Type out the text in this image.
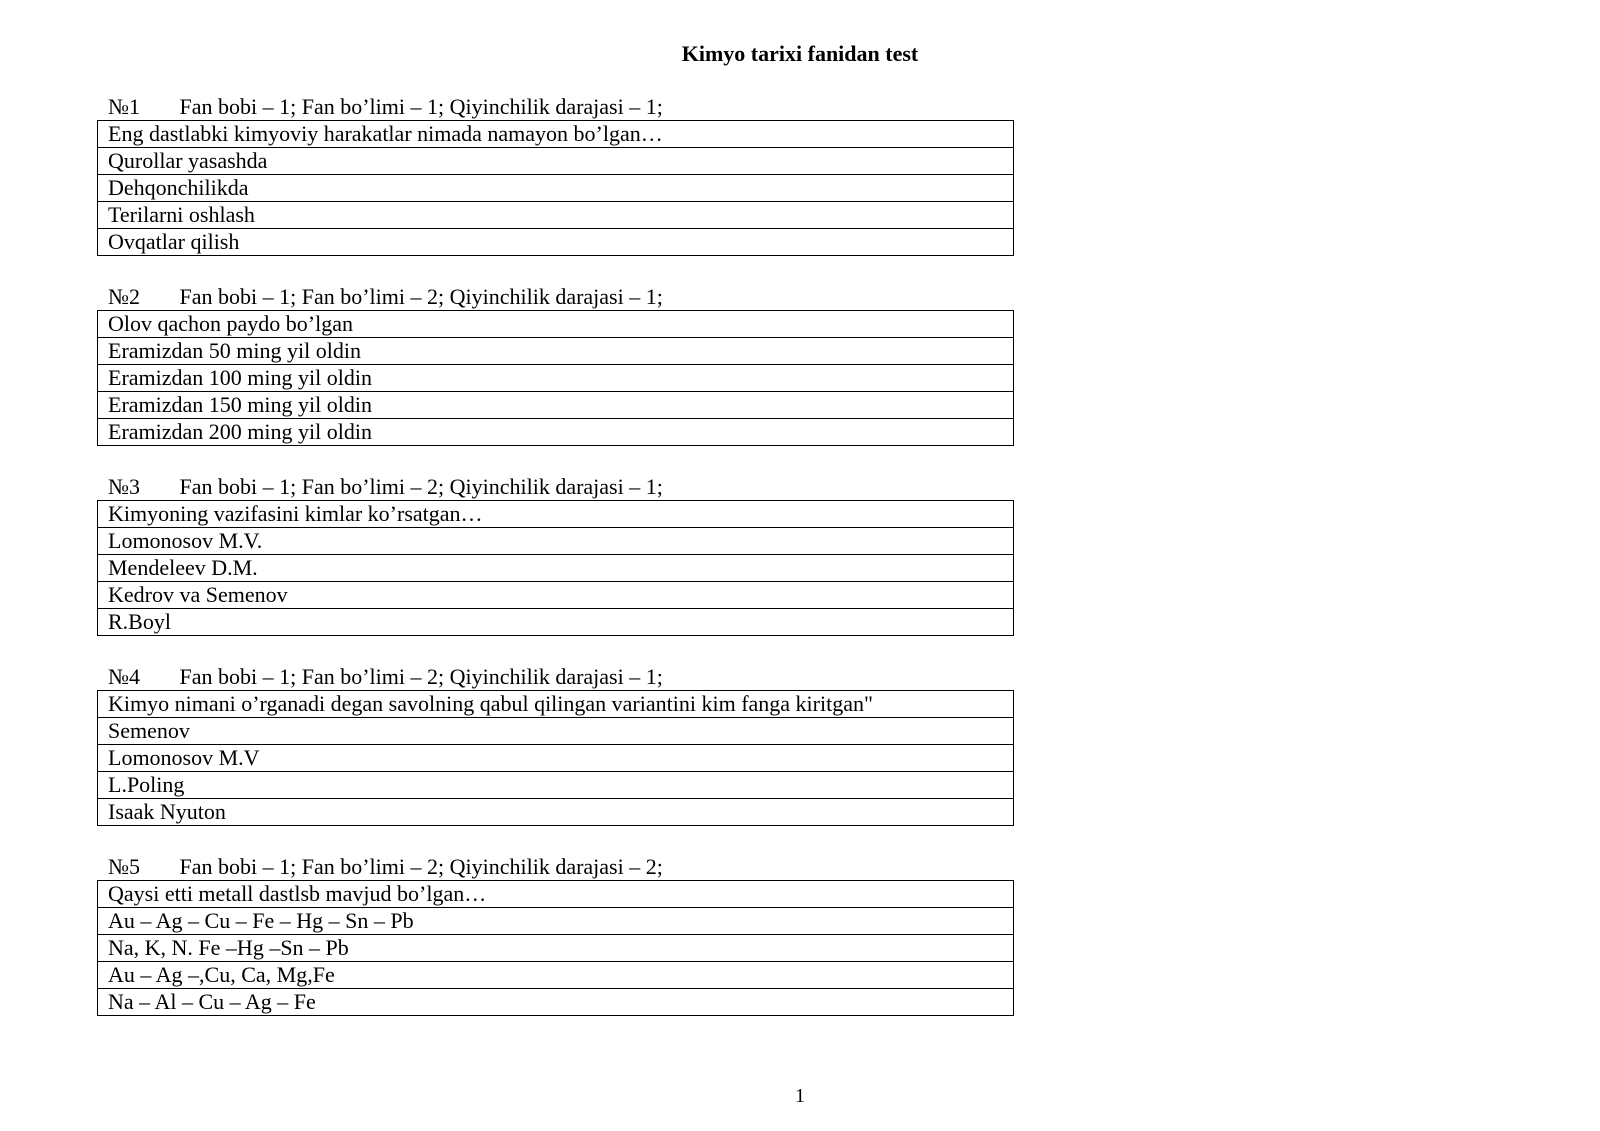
Kimyo tarixi fanidan test
№1 Fan bobi – 1; Fan bo’limi – 1; Qiyinchilik darajasi – 1;
Eng dastlabki kimyoviy harakatlar nimada namayon bo’lgan…
Qurollar yasashda
Dehqonchilikda
Terilarni oshlash
Ovqatlar qilish
№2 Fan bobi – 1; Fan bo’limi – 2; Qiyinchilik darajasi – 1;
Olov qachon paydo bo’lgan
Eramizdan 50 ming yil oldin
Eramizdan 100 ming yil oldin
Eramizdan 150 ming yil oldin
Eramizdan 200 ming yil oldin
№3 Fan bobi – 1; Fan bo’limi – 2; Qiyinchilik darajasi – 1;
Kimyoning vazifasini kimlar ko’rsatgan…
Lomonosov M.V.
Mendeleev D.M.
Kedrov va Semenov
R.Boyl
№4 Fan bobi – 1; Fan bo’limi – 2; Qiyinchilik darajasi – 1;
Kimyo nimani o’rganadi degan savolning qabul qilingan variantini kim fanga kiritgan"
Semenov
Lomonosov M.V
L.Poling
Isaak Nyuton
№5 Fan bobi – 1; Fan bo’limi – 2; Qiyinchilik darajasi – 2;
Qaysi etti metall dastlsb mavjud bo’lgan…
Au – Ag – Cu – Fe – Hg – Sn – Pb
Na, K, N. Fe –Hg –Sn – Pb
Au – Ag –,Cu, Ca, Mg,Fe
Na – Al – Cu – Ag – Fe
1
